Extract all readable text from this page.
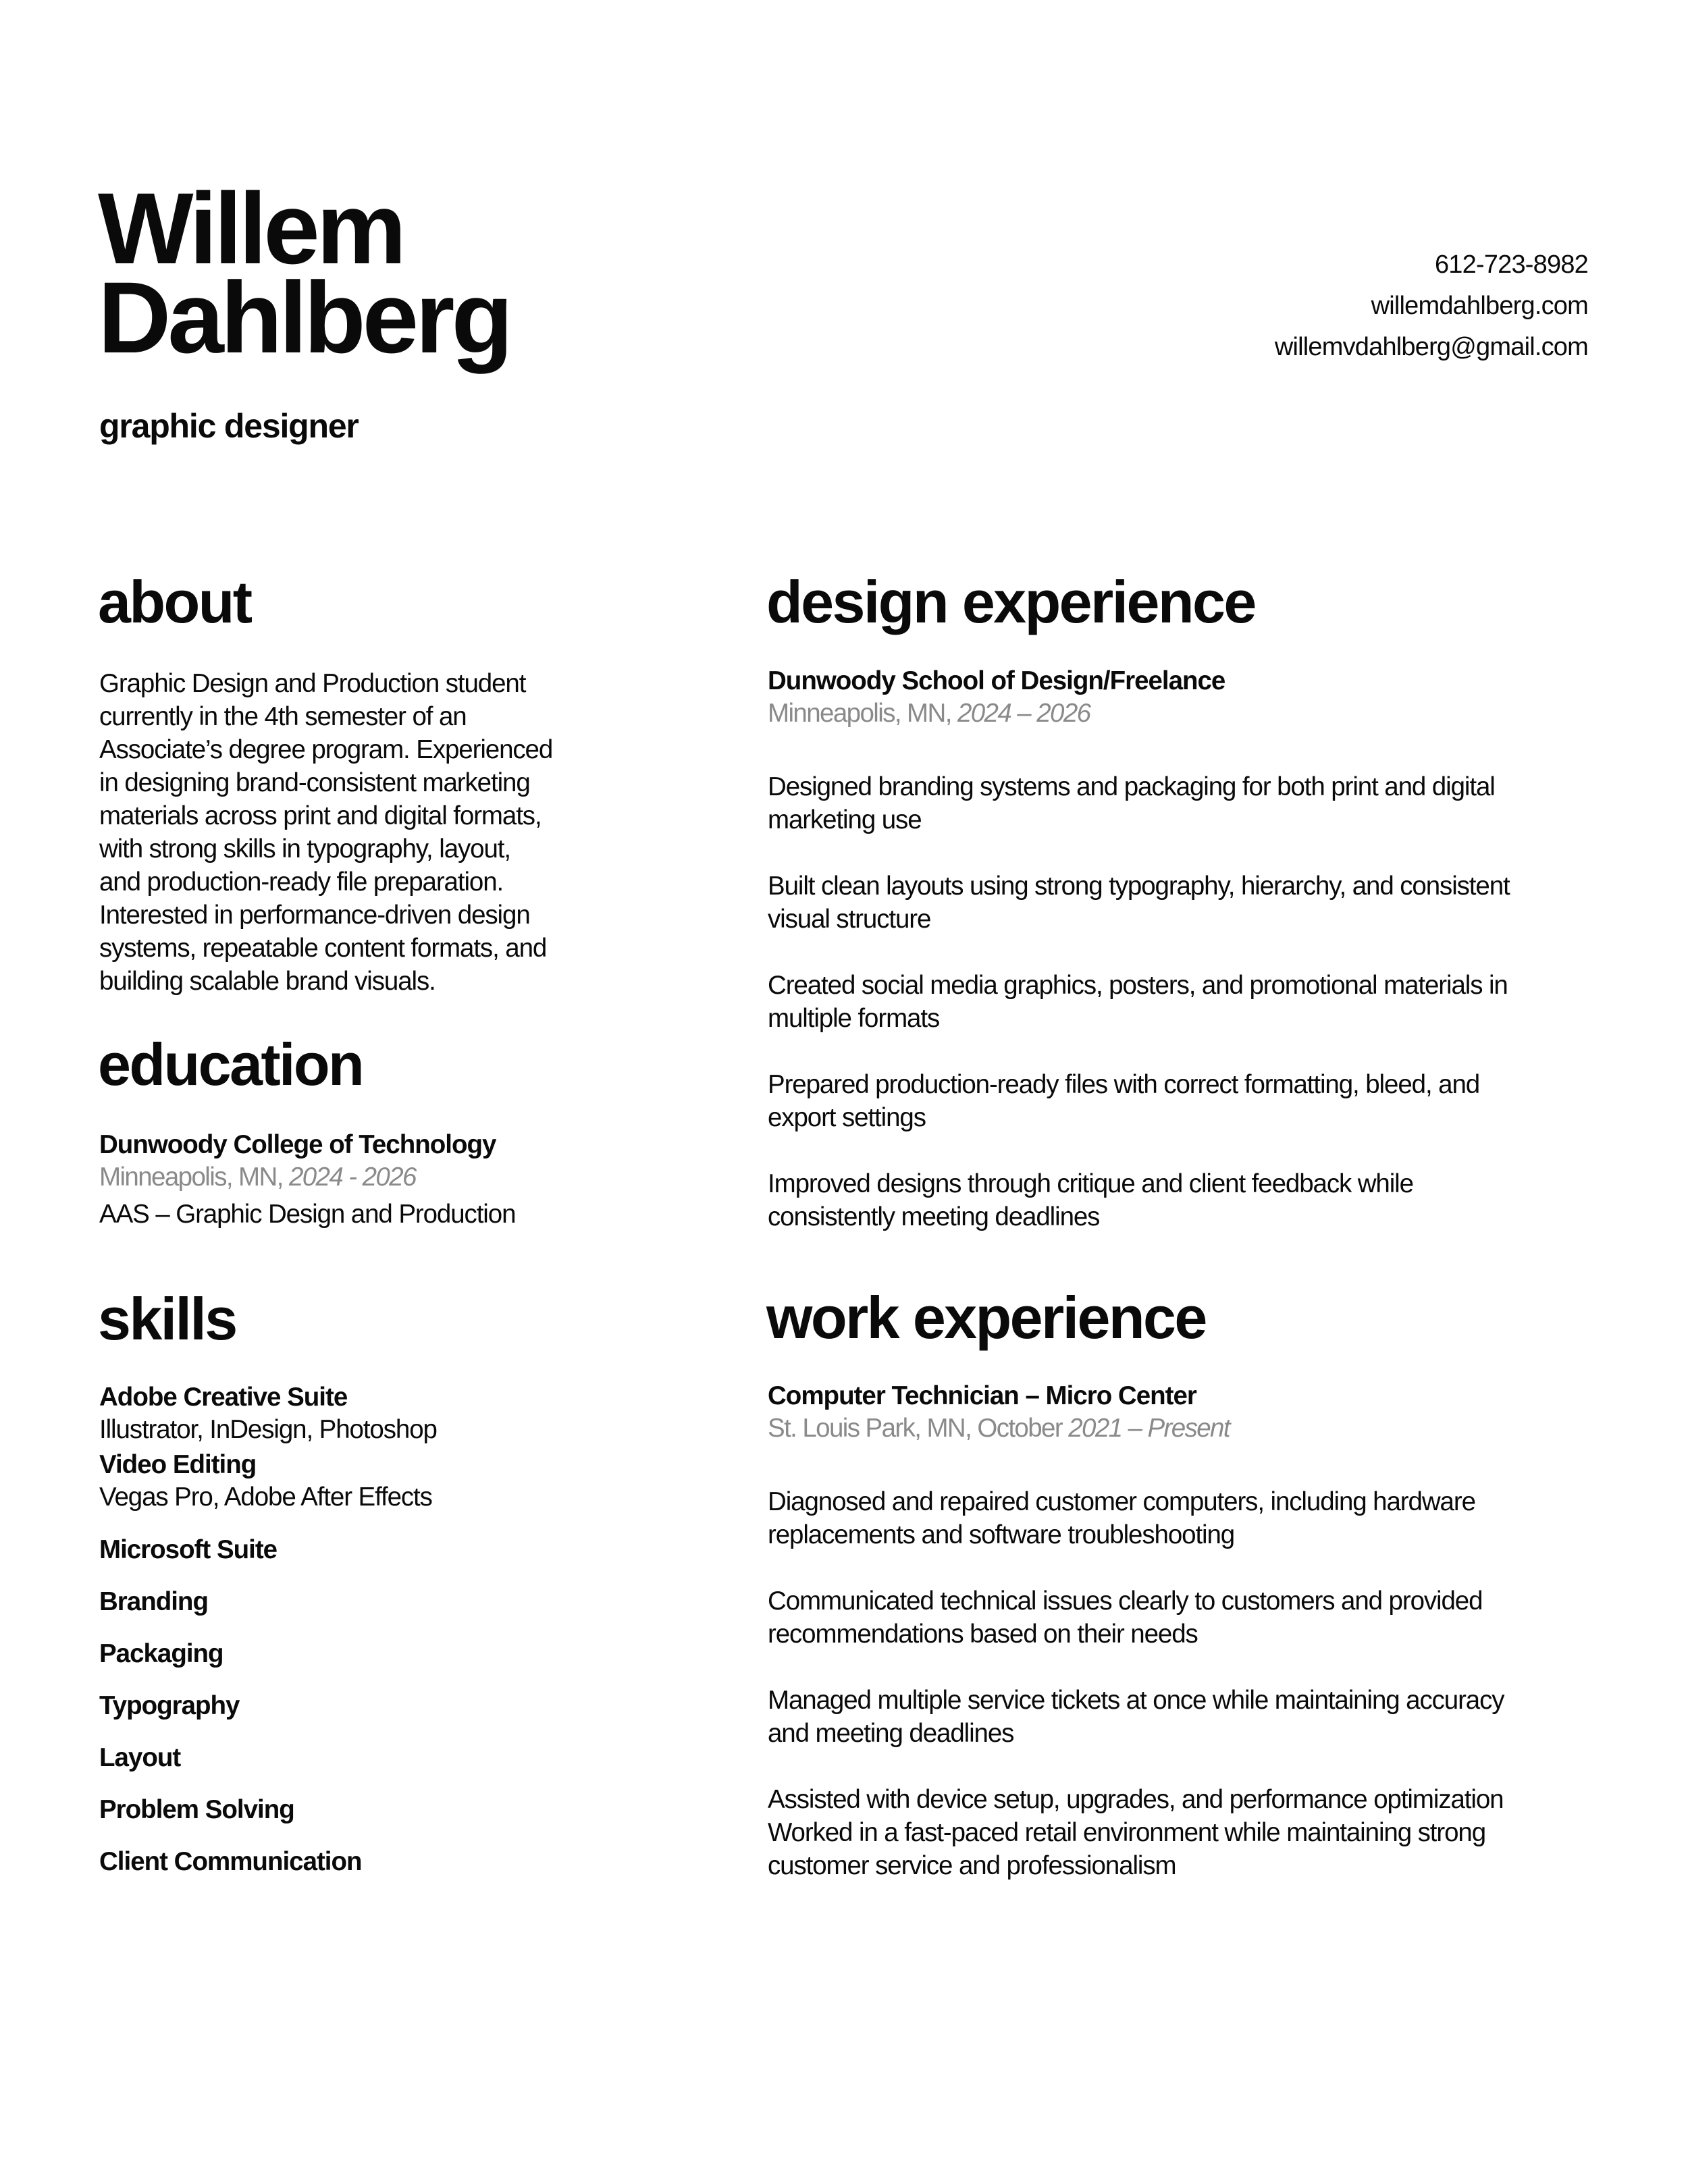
Willem
Dahlberg
graphic designer
612-723-8982
willemdahlberg.com
willemvdahlberg@gmail.com
about
Graphic Design and Production student
currently in the 4th semester of an
Associate’s degree program. Experienced
in designing brand-consistent marketing
materials across print and digital formats,
with strong skills in typography, layout,
and production-ready file preparation.
Interested in performance-driven design
systems, repeatable content formats, and
building scalable brand visuals.
education
Dunwoody College of Technology
Minneapolis, MN, 2024 - 2026
AAS – Graphic Design and Production
skills
Adobe Creative Suite
Illustrator, InDesign, Photoshop
Video Editing
Vegas Pro, Adobe After Effects
Microsoft Suite
Branding
Packaging
Typography
Layout
Problem Solving
Client Communication
design experience
Dunwoody School of Design/Freelance
Minneapolis, MN, 2024 – 2026
Designed branding systems and packaging for both print and digital
marketing use
Built clean layouts using strong typography, hierarchy, and consistent
visual structure
Created social media graphics, posters, and promotional materials in
multiple formats
Prepared production-ready files with correct formatting, bleed, and
export settings
Improved designs through critique and client feedback while
consistently meeting deadlines
work experience
Computer Technician – Micro Center
St. Louis Park, MN, October 2021 – Present
Diagnosed and repaired customer computers, including hardware
replacements and software troubleshooting
Communicated technical issues clearly to customers and provided
recommendations based on their needs
Managed multiple service tickets at once while maintaining accuracy
and meeting deadlines
Assisted with device setup, upgrades, and performance optimization
Worked in a fast-paced retail environment while maintaining strong
customer service and professionalism
